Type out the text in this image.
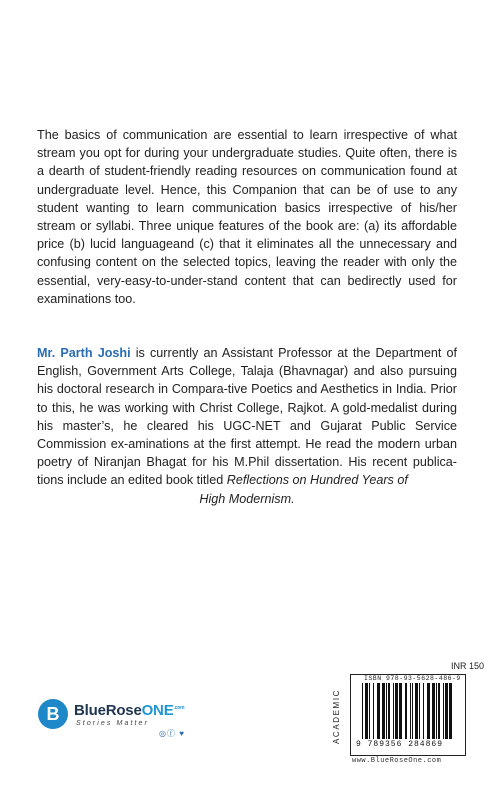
The basics of communication are essential to learn irrespective of what stream you opt for during your undergraduate studies. Quite often, there is a dearth of student-friendly reading resources on communication found at undergraduate level. Hence, this Companion that can be of use to any student wanting to learn communication basics irrespective of his/her stream or syllabi. Three unique features of the book are: (a) its affordable price (b) lucid languageand (c) that it eliminates all the unnecessary and confusing content on the selected topics, leaving the reader with only the essential, very-easy-to-under-stand content that can bedirectly used for examinations too.

Mr. Parth Joshi is currently an Assistant Professor at the Department of English, Government Arts College, Talaja (Bhavnagar) and also pursuing his doctoral research in Compara-tive Poetics and Aesthetics in India. Prior to this, he was working with Christ College, Rajkot. A gold-medalist during his master’s, he cleared his UGC-NET and Gujarat Public Service Commission ex-aminations at the first attempt. He read the modern urban poetry of Niranjan Bhagat for his M.Phil dissertation. His recent publica-tions include an edited book titled Reflections on Hundred Years of
High Modernism.

B BlueRoseONE$^{.com}$
Stories Matter
◎ⓕ ♥
INR 150
ACADEMIC
ISBN 978-93-5628-486-9
9 789356 284869
www.BlueRoseOne.com
